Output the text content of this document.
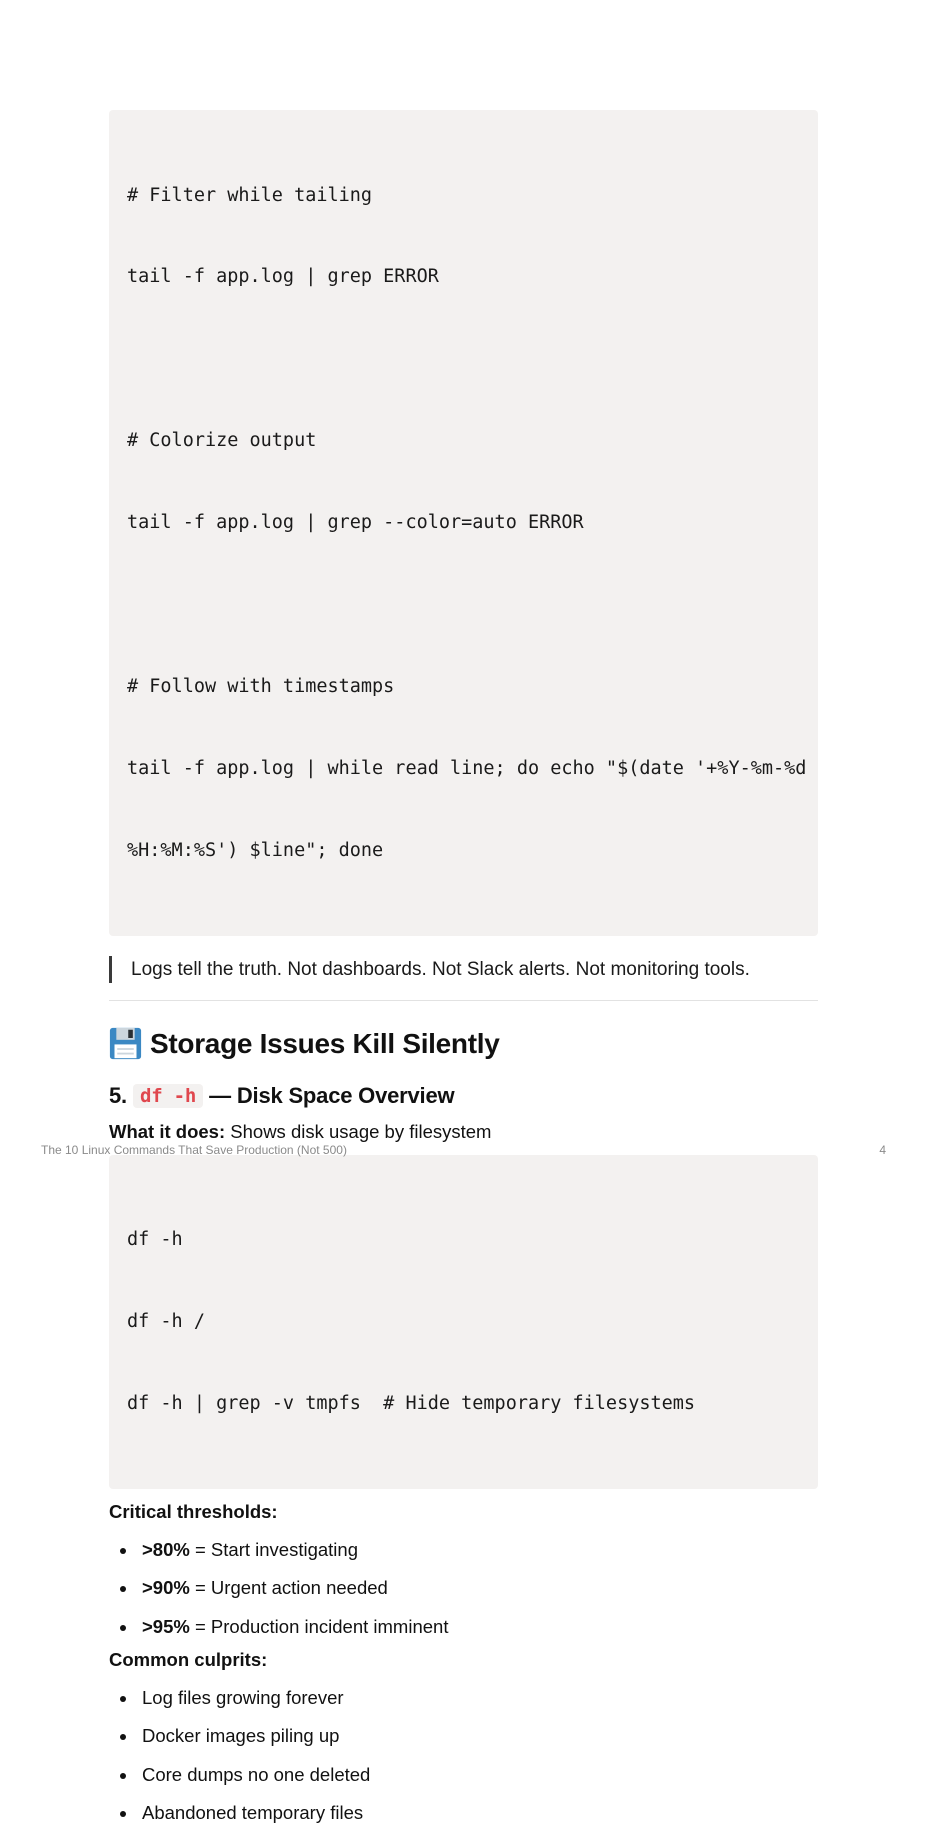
# Filter while tailing

tail -f app.log | grep ERROR

# Colorize output

tail -f app.log | grep --color=auto ERROR

# Follow with timestamps

tail -f app.log | while read line; do echo "$(date '+%Y-%m-%d

%H:%M:%S') $line"; done

Logs tell the truth. Not dashboards. Not Slack alerts. Not monitoring tools.
Storage Issues Kill Silently
5. df -h — Disk Space Overview
What it does: Shows disk usage by filesystem

df -h

df -h /

df -h | grep -v tmpfs  # Hide temporary filesystems

Critical thresholds:
>80% = Start investigating
>90% = Urgent action needed
>95% = Production incident imminent
Common culprits:
Log files growing forever
Docker images piling up
Core dumps no one deleted
Abandoned temporary files
The 10 Linux Commands That Save Production (Not 500)	4
